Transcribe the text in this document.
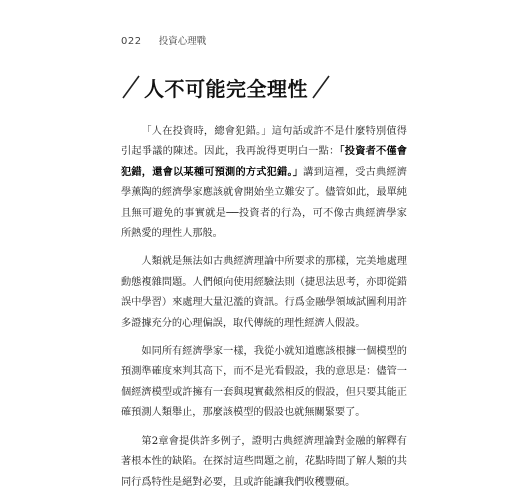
022 投資心理戰
人不可能完全理性

「人在投資時，總會犯錯。」這句話或許不是什麼特別值得引起爭議的陳述。因此，我再說得更明白一點：「投資者不僅會犯錯，還會以某種可預測的方式犯錯。」講到這裡，受古典經濟學薰陶的經濟學家應該就會開始坐立難安了。儘管如此，最單純且無可避免的事實就是──投資者的行為，可不像古典經濟學家所熱愛的理性人那般。

人類就是無法如古典經濟理論中所要求的那樣，完美地處理動態複雜問題。人們傾向使用經驗法則（捷思法思考，亦即從錯誤中學習）來處理大量氾濫的資訊。行爲金融學領域試圖利用許多證據充分的心理偏誤，取代傳統的理性經濟人假設。

如同所有經濟學家一樣，我從小就知道應該根據一個模型的預測準確度來判其高下，而不是光看假設，我的意思是：儘管一個經濟模型或許擁有一套與現實截然相反的假設，但只要其能正確預測人類舉止，那麼該模型的假設也就無關緊要了。

第2章會提供許多例子，證明古典經濟理論對金融的解釋有著根本性的缺陷。在探討這些問題之前，花點時間了解人類的共同行爲特性是絕對必要，且或許能讓我們收穫豐碩。
